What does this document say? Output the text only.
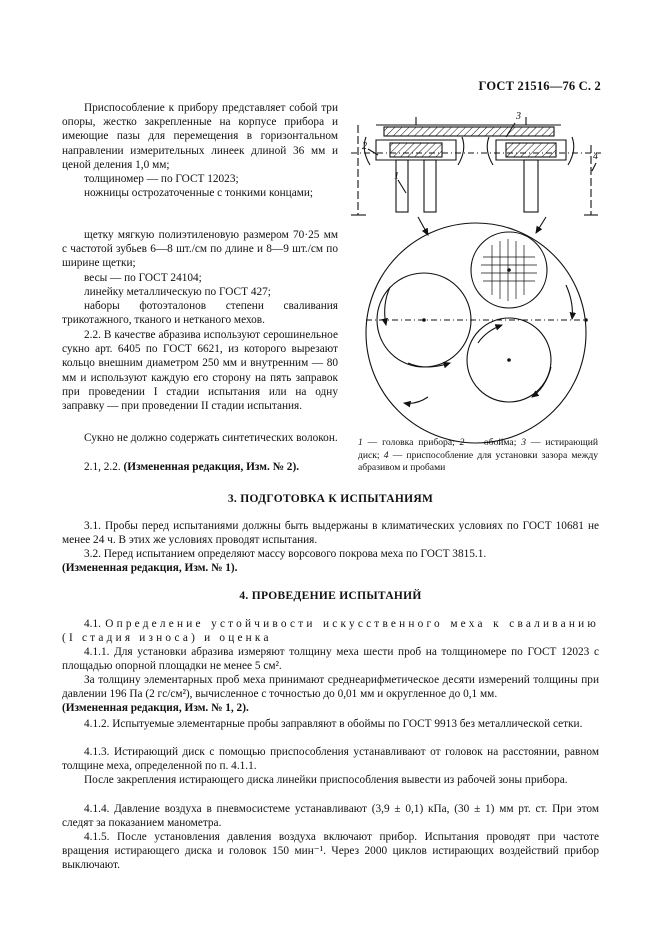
ГОСТ 21516—76 С. 2
Приспособление к прибору представляет собой три опоры, жестко закрепленные на корпусе прибора и имеющие пазы для перемещения в горизонтальном направлении измерительных линеек длиной 36 мм и ценой деления 1,0 мм;
толщиномер — по ГОСТ 12023;
ножницы остроzаточенные с тонкими концами;
щетку мягкую полиэтиленовую размером 70·25 мм с частотой зубьев 6—8 шт./см по длине и 8—9 шт./см по ширине щетки;
весы — по ГОСТ 24104;
линейку металлическую по ГОСТ 427;
наборы фотоэталонов степени сваливания трикотажного, тканого и нетканого мехов.
2.2. В качестве абразива используют серошинельное сукно арт. 6405 по ГОСТ 6621, из которого вырезают кольцо внешним диаметром 250 мм и внутренним — 80 мм и используют каждую его сторону на пять заправок при проведении I стадии испытания или на одну заправку — при проведении II стадии испытания.
Сукно не должно содержать синтетических волокон.
2.1, 2.2. (Измененная редакция, Изм. № 2).
1
2
3
4
1 — головка прибора; 2 — обойма; 3 — истирающий диск; 4 — приспособление для установки зазора между абразивом и пробами
3. ПОДГОТОВКА К ИСПЫТАНИЯМ
3.1. Пробы перед испытаниями должны быть выдержаны в климатических условиях по ГОСТ 10681 не менее 24 ч. В этих же условиях проводят испытания.
3.2. Перед испытанием определяют массу ворсового покрова меха по ГОСТ 3815.1.
(Измененная редакция, Изм. № 1).
4. ПРОВЕДЕНИЕ ИСПЫТАНИЙ
4.1. Определение устойчивости искусственного меха к сваливанию (I стадия износа) и оценка
4.1.1. Для установки абразива измеряют толщину меха шести проб на толщиномере по ГОСТ 12023 с площадью опорной площадки не менее 5 см².
За толщину элементарных проб меха принимают среднеарифметическое десяти измерений толщины при давлении 196 Па (2 гс/см²), вычисленное с точностью до 0,01 мм и округленное до 0,1 мм.
(Измененная редакция, Изм. № 1, 2).
4.1.2. Испытуемые элементарные пробы заправляют в обоймы по ГОСТ 9913 без металлической сетки.
4.1.3. Истирающий диск с помощью приспособления устанавливают от головок на расстоянии, равном толщине меха, определенной по п. 4.1.1.
После закрепления истирающего диска линейки приспособления вывести из рабочей зоны прибора.
4.1.4. Давление воздуха в пневмосистеме устанавливают (3,9 ± 0,1) кПа, (30 ± 1) мм рт. ст. При этом следят за показанием манометра.
4.1.5. После установления давления воздуха включают прибор. Испытания проводят при частоте вращения истирающего диска и головок 150 мин⁻¹. Через 2000 циклов истирающих воздействий прибор выключают.
